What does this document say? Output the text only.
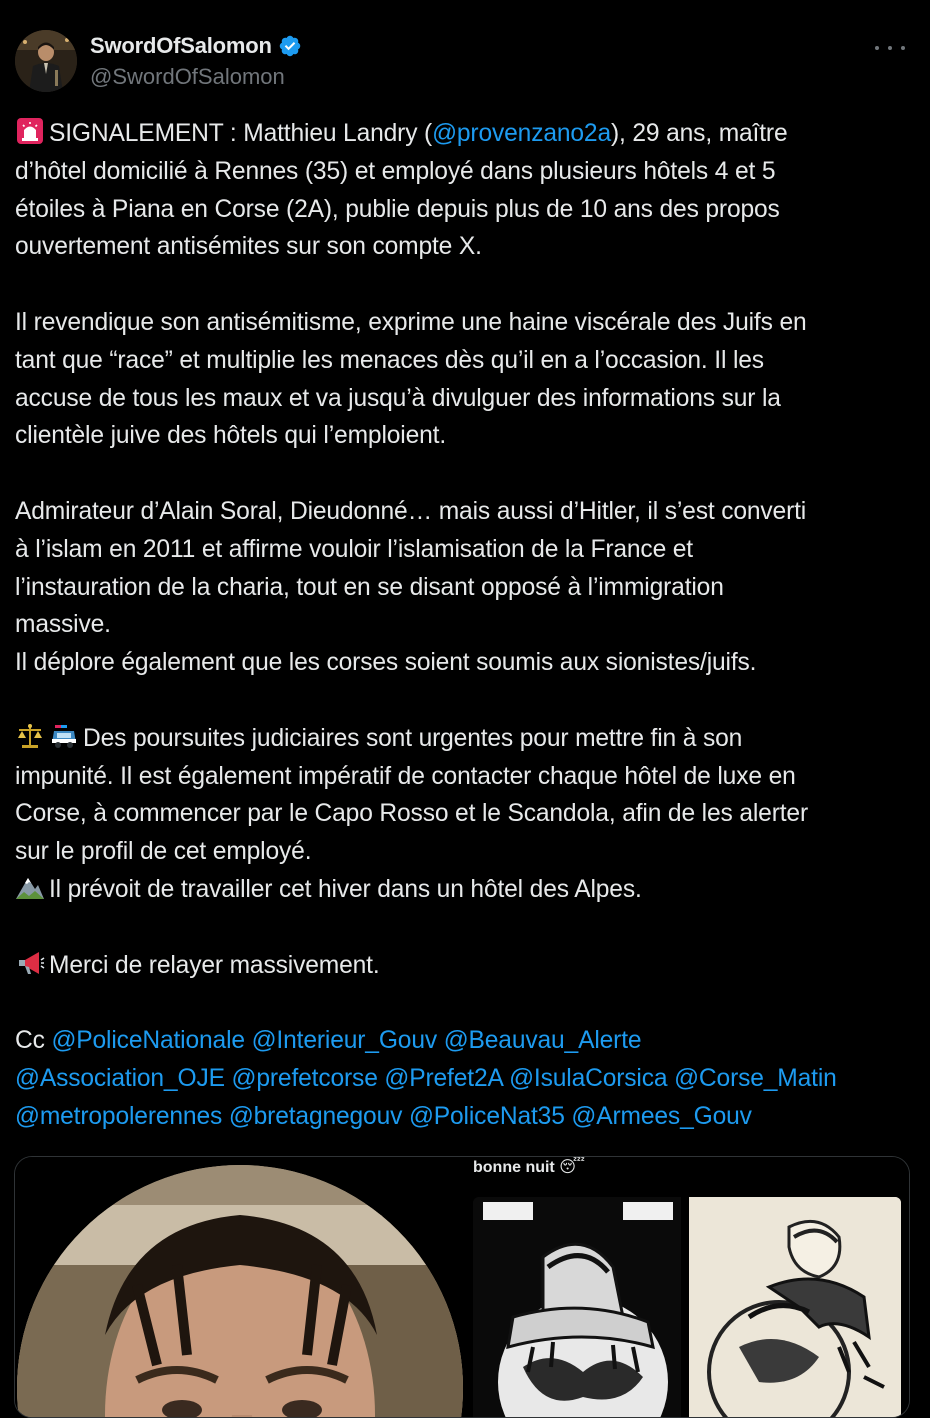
SwordOfSalomon
@SwordOfSalomon
SIGNALEMENT : Matthieu Landry (@provenzano2a), 29 ans, maître
d’hôtel domicilié à Rennes (35) et employé dans plusieurs hôtels 4 et 5
étoiles à Piana en Corse (2A), publie depuis plus de 10 ans des propos
ouvertement antisémites sur son compte X.
Il revendique son antisémitisme, exprime une haine viscérale des Juifs en
tant que “race” et multiplie les menaces dès qu’il en a l’occasion. Il les
accuse de tous les maux et va jusqu’à divulguer des informations sur la
clientèle juive des hôtels qui l’emploient.
Admirateur d’Alain Soral, Dieudonné… mais aussi d’Hitler, il s’est converti
à l’islam en 2011 et affirme vouloir l’islamisation de la France et
l’instauration de la charia, tout en se disant opposé à l’immigration
massive.
Il déplore également que les corses soient soumis aux sionistes/juifs.
Des poursuites judiciaires sont urgentes pour mettre fin à son
impunité. Il est également impératif de contacter chaque hôtel de luxe en
Corse, à commencer par le Capo Rosso et le Scandola, afin de les alerter
sur le profil de cet employé.
Il prévoit de travailler cet hiver dans un hôtel des Alpes.
Merci de relayer massivement.
Cc @PoliceNationale @Interieur_Gouv @Beauvau_Alerte
@Association_OJE @prefetcorse @Prefet2A @IsulaCorsica @Corse_Matin
@metropolerennes @bretagnegouv @PoliceNat35 @Armees_Gouv
bonne nuit 😴
